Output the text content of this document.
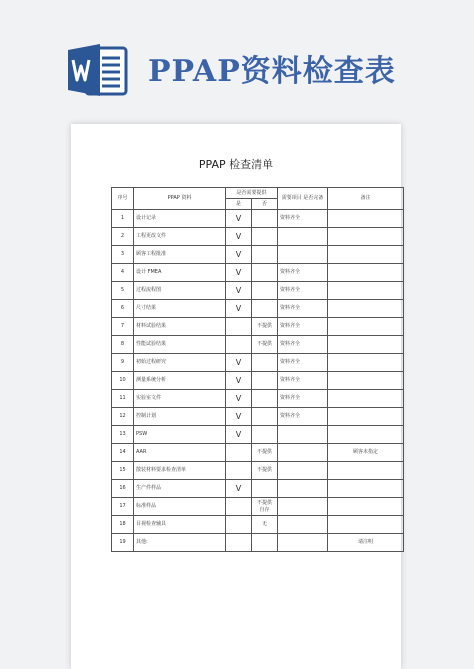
PPAP资料检查表
PPAP 检查清单
序号	PPAP 资料	是否需要提供		需要项目 是否完备	备注
		是	否		
1	设计记录	V		资料齐全	
2	工程更改文件	V			
3	顾客工程批准	V			
4	设计 FMEA	V		资料齐全	
5	过程流程图	V		资料齐全	
6	尺寸结果	V		资料齐全	
7	材料试验结果		不提供	资料齐全	
8	性能试验结果		不提供	资料齐全	
9	初始过程研究	V		资料齐全	
10	测量系统分析	V		资料齐全	
11	实验室文件	V		资料齐全	
12	控制计划	V		资料齐全	
13	PSW	V			
14	AAR		不提供		顾客未指定
15	散装材料要求检查清单		不提供		
16	生产件样品	V			
17	标准样品		不提供 自存		
18	目视检查辅具		无		
19	其他:				请注明
